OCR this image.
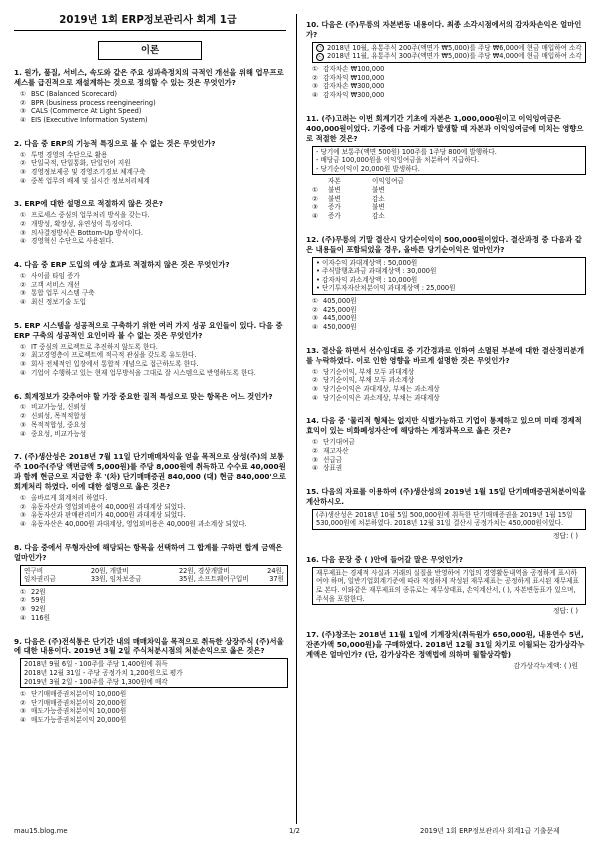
2019년 1회 ERP정보관리사 회계 1급
이론
1. 원가, 품질, 서비스, 속도와 같은 주요 성과측정치의 극적인 개선을 위해 업무프로세스를 급진적으로 재설계하는 것으로 정의할 수 있는 것은 무엇인가?
① BSC (Balanced Scorecard)
② BPR (business process reengineering)
③ CALS (Commerce At Light Speed)
④ EIS (Executive Information System)
2. 다음 중 ERP의 기능적 특징으로 볼 수 없는 것은 무엇인가?
① 투명 경영의 수단으로 활용
② 단일국적, 단일통화, 단일언어 지원
③ 경영정보제공 및 경영조기경보 체계구축
④ 중복 업무의 배제 및 실시간 정보처리체계
3. ERP에 대한 설명으로 적절하지 않은 것은?
① 프로세스 중심의 업무처리 방식을 갖는다.
② 개방성, 확장성, 유연성이 특징이다.
③ 의사결정방식은 Bottom-Up 방식이다.
④ 경영혁신 수단으로 사용된다.
4. 다음 중 ERP 도입의 예상 효과로 적절하지 않은 것은 무엇인가?
① 사이클 타임 증가
② 고객 서비스 개선
③ 통합 업무 시스템 구축
④ 최신 정보기술 도입
5. ERP 시스템을 성공적으로 구축하기 위한 여러 가지 성공 요인들이 있다. 다음 중 ERP 구축의 성공적인 요인이라 볼 수 없는 것은 무엇인가?
① IT 중심의 프로젝트로 추진하지 않도록 한다.
② 최고경영층이 프로젝트에 적극적 관심을 갖도록 유도한다.
③ 회사 전체적인 입장에서 통합적 개념으로 접근하도록 한다.
④ 기업이 수행하고 있는 현재 업무방식을 그대로 잘 시스템으로 반영하도록 한다.
6. 회계정보가 갖추어야 할 가장 중요한 질적 특성으로 맞는 항목은 어느 것인가?
① 비교가능성, 신뢰성
② 신뢰성, 목적적합성
③ 목적적합성, 중요성
④ 중요성, 비교가능성
7. (주)생산성은 2018년 7월 11일 단기매매차익을 얻을 목적으로 삼성(주)의 보통주 100주(주당 액면금액 5,000원)를 주당 8,000원에 취득하고 수수료 40,000원과 함께 현금으로 지급한 후 '(차) 단기매매증권 840,000 (대) 현금 840,000'으로 회계처리 하였다. 이에 대한 설명으로 옳은 것은?
① 올바르게 회계처리 하였다.
② 유동자산과 영업외비용이 40,000원 과대계상 되었다.
③ 유동자산과 판매관리비가 40,000원 과대계상 되었다.
④ 유동자산은 40,000원 과대계상, 영업외비용은 40,000원 과소계상 되었다.
8. 다음 중에서 무형자산에 해당되는 항목을 선택하여 그 합계를 구하면 합계 금액은 얼마인가?
연구비	20원, 개발비	22원, 경상개발비	24원,
임차권리금	33원, 임차보증금	35원, 소프트웨어구입비	37원
① 22원
② 59원
③ 92원
④ 116원
9. 다음은 (주)전석통은 단기간 내의 매매차익을 목적으로 취득한 상장주식 (주)서울에 대한 내용이다. 2019년 3월 2일 주식처분시점의 처분손익으로 옳은 것은?
2018년 9월 6일 - 100주를 주당 1,400원에 취득
2018년 12월 31일 - 주당 공정가치 1,200원으로 평가
2019년 3월 2일 - 100주를 주당 1,300원에 매각
① 단기매매증권처분이익 10,000원
② 단기매매증권처분이익 20,000원
③ 매도가능증권처분이익 10,000원
④ 매도가능증권처분이익 20,000원
10. 다음은 (주)무릉의 자본변동 내용이다. 최종 소각시점에서의 감자차손익은 얼마인가?
㉠ 2018년 10월, 유통주식 200주(액면가 ₩5,000)를 주당 ₩6,000에 현금 매입하여 소각
㉡ 2018년 11월, 유통주식 300주(액면가 ₩5,000)를 주당 ₩4,000에 현금 매입하여 소각
① 감자차손 ₩100,000
② 감자차익 ₩100,000
③ 감자차손 ₩300,000
④ 감자차익 ₩300,000
11. (주)고려는 이번 회계기간 기초에 자본은 1,000,000원이고 이익잉여금은 400,000원이었다. 기중에 다음 거래가 발생할 때 자본과 이익잉여금에 미치는 영향으로 적절한 것은?
- 당기에 보통주(액면 500원) 100주를 1주당 800에 발행하다.
- 배당금 100,000원을 이익잉여금을 처분하여 지급하다.
- 당기순이익이 20,000원 발생하다.
자본	이익잉여금
①	불변	불변
②	불변	감소
③	증가	불변
④	증가	감소
12. (주)무릉의 기말 결산시 당기순이익이 500,000원이었다. 결산과정 중 다음과 같은 내용들이 포함되었을 경우, 올바른 당기순이익은 얼마인가?
• 이자수익 과대계상액 : 50,000원
• 주식발행초과금 과대계상액 : 30,000원
• 감자차익 과소계상액 : 10,000원
• 단기투자자산처분이익 과대계상액 : 25,000원
① 405,000원
② 425,000원
③ 445,000원
④ 450,000원
13. 결산을 하면서 선수임대료 중 기간경과로 인하여 소멸된 부분에 대한 결산정리분개를 누락하였다. 이로 인한 영향을 바르게 설명한 것은 무엇인가?
① 당기순이익, 부채 모두 과대계상
② 당기순이익, 부채 모두 과소계상
③ 당기순이익은 과대계상, 부채는 과소계상
④ 당기순이익은 과소계상, 부채는 과대계상
14. 다음 중 '물리적 형체는 없지만 식별가능하고 기업이 통제하고 있으며 미래 경제적 효익이 있는 비화폐성자산'에 해당하는 계정과목으로 옳은 것은?
① 단기대여금
② 재고자산
③ 선급금
④ 상표권
15. 다음의 자료를 이용하여 (주)생산성의 2019년 1월 15일 단기매매증권처분이익을 계산하시오.
(주)생산성은 2018년 10월 5일 500,000원에 취득한 단기매매증권을 2019년 1월 15일 530,000원에 처분하였다. 2018년 12월 31일 결산시 공정가치는 450,000원이었다.
정답: ( )
16. 다음 문장 중 ( )안에 들어갈 말은 무엇인가?
재무제표는 경제적 사실과 거래의 실질을 반영하여 기업의 경영활동내역을 공정하게 표시하여야 하며, 일반기업회계기준에 따라 적정하게 작성된 재무제표는 공정하게 표시된 재무제표로 본다. 이와같은 재무제표의 종류로는 재무상태표, 손익계산서, ( ), 자본변동표가 있으며, 주석을 포함한다.
정답: ( )
17. (주)창조는 2018년 11월 1일에 기계장치(취득원가 650,000원, 내용연수 5년, 잔존가액 50,000원)을 구매하였다. 2018년 12월 31일 차기로 이월되는 감가상각누계액은 얼마인가? (단, 감가상각은 정액법에 의하며 월할상각함)
감가상각누계액: ( )원
mau15.blog.me	1/2	2019년 1회 ERP정보관리사 회계1급 기출문제
